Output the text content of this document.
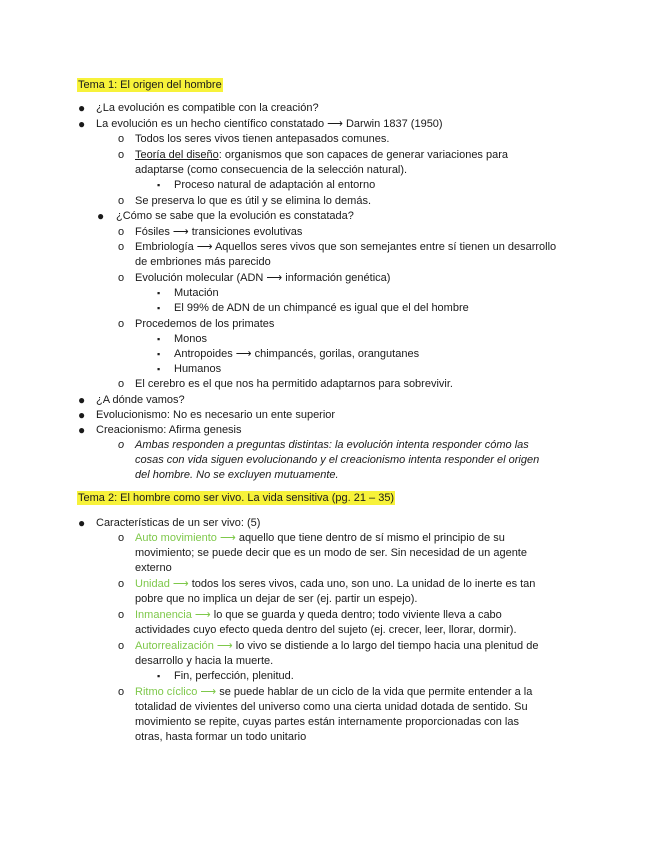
Tema 1: El origen del hombre
● ¿La evolución es compatible con la creación?
● La evolución es un hecho científico constatado ⟶ Darwin 1837 (1950)
o Todos los seres vivos tienen antepasados comunes.
o Teoría del diseño: organismos que son capaces de generar variaciones para
adaptarse (como consecuencia de la selección natural).
▪ Proceso natural de adaptación al entorno
o Se preserva lo que es útil y se elimina lo demás.
● ¿Cómo se sabe que la evolución es constatada?
o Fósiles ⟶ transiciones evolutivas
o Embriología ⟶ Aquellos seres vivos que son semejantes entre sí tienen un desarrollo
de embriones más parecido
o Evolución molecular (ADN ⟶ información genética)
▪ Mutación
▪ El 99% de ADN de un chimpancé es igual que el del hombre
o Procedemos de los primates
▪ Monos
▪ Antropoides ⟶ chimpancés, gorilas, orangutanes
▪ Humanos
o El cerebro es el que nos ha permitido adaptarnos para sobrevivir.
● ¿A dónde vamos?
● Evolucionismo: No es necesario un ente superior
● Creacionismo: Afirma genesis
o Ambas responden a preguntas distintas: la evolución intenta responder cómo las
cosas con vida siguen evolucionando y el creacionismo intenta responder el origen
del hombre. No se excluyen mutuamente.
Tema 2: El hombre como ser vivo. La vida sensitiva (pg. 21 – 35)
● Características de un ser vivo: (5)
o Auto movimiento ⟶ aquello que tiene dentro de sí mismo el principio de su
movimiento; se puede decir que es un modo de ser. Sin necesidad de un agente
externo
o Unidad ⟶ todos los seres vivos, cada uno, son uno. La unidad de lo inerte es tan
pobre que no implica un dejar de ser (ej. partir un espejo).
o Inmanencia ⟶ lo que se guarda y queda dentro; todo viviente lleva a cabo
actividades cuyo efecto queda dentro del sujeto (ej. crecer, leer, llorar, dormir).
o Autorrealización ⟶ lo vivo se distiende a lo largo del tiempo hacia una plenitud de
desarrollo y hacia la muerte.
▪ Fin, perfección, plenitud.
o Ritmo cíclico ⟶ se puede hablar de un ciclo de la vida que permite entender a la
totalidad de vivientes del universo como una cierta unidad dotada de sentido. Su
movimiento se repite, cuyas partes están internamente proporcionadas con las
otras, hasta formar un todo unitario
